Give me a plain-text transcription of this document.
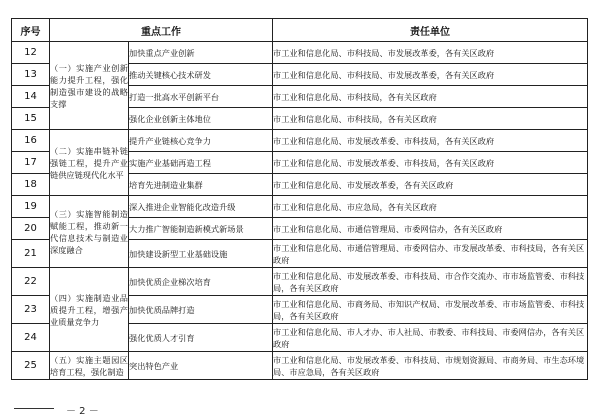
序号	重点工作		责任单位
12	（一）实施产业创新能力提升工程，强化制造强市建设的战略支撑	加快重点产业创新	市工业和信息化局、市科技局、市发展改革委，各有关区政府
13		推动关键核心技术研发	市工业和信息化局、市科技局、市发展改革委，各有关区政府
14		打造一批高水平创新平台	市工业和信息化局、市科技局，各有关区政府
15		强化企业创新主体地位	市工业和信息化局、市科技局，各有关区政府
16	（二）实施串链补链强链工程，提升产业链供应链现代化水平	提升产业链核心竞争力	市工业和信息化局、市发展改革委、市科技局，各有关区政府
17		实施产业基础再造工程	市工业和信息化局、市发展改革委、市科技局，各有关区政府
18		培育先进制造业集群	市工业和信息化局、市发展改革委，各有关区政府
19	（三）实施智能制造赋能工程，推动新一代信息技术与制造业深度融合	深入推进企业智能化改造升级	市工业和信息化局、市应急局，各有关区政府
20		大力推广智能制造新模式新场景	市工业和信息化局、市通信管理局、市委网信办，各有关区政府
21		加快建设新型工业基础设施	市工业和信息化局、市通信管理局、市委网信办、市发展改革委、市科技局，各有关区政府
22	（四）实施制造业品质提升工程，增强产业质量竞争力	加快优质企业梯次培育	市工业和信息化局、市发展改革委、市科技局、市合作交流办、市市场监管委、市科技局，各有关区政府
23		加快优质品牌打造	市工业和信息化局、市商务局、市知识产权局、市发展改革委、市市场监管委、市科技局，各有关区政府
24		强化优质人才引育	市工业和信息化局、市人才办、市人社局、市教委、市科技局、市委网信办，各有关区政府
25	（五）实施主题园区培育工程，强化制造	突出特色产业	市工业和信息化局、市发展改革委、市科技局、市规划资源局、市商务局、市生态环境局、市应急局，各有关区政府
－ 2 －
